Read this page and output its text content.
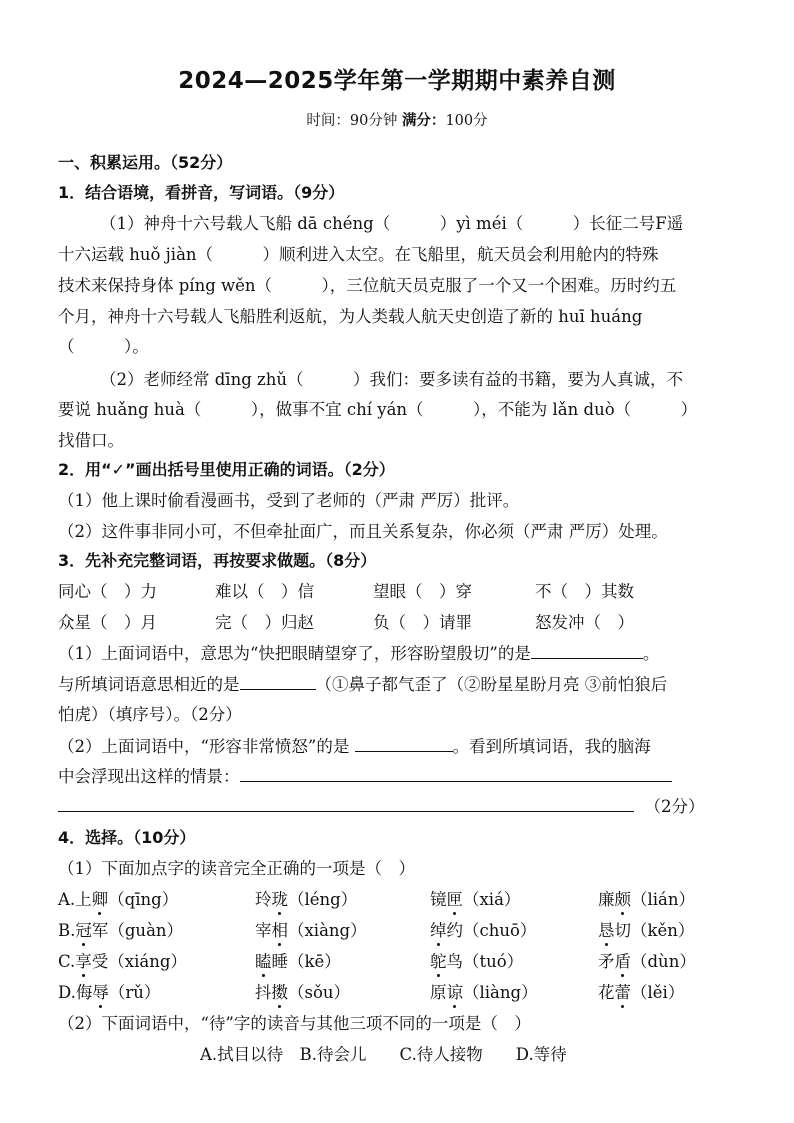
2024—2025学年第一学期期中素养自测
时间：90分钟 满分：100分
一、积累运用。（52分）
1．结合语境，看拼音，写词语。（9分）
（1）神舟十六号载人飞船 dā chéng（　　　）yì méi（　　　）长征二号F遥
十六运载 huǒ jiàn（　　　）顺利进入太空。在飞船里，航天员会利用舱内的特殊
技术来保持身体 píng wěn（　　　），三位航天员克服了一个又一个困难。历时约五
个月，神舟十六号载人飞船胜利返航，为人类载人航天史创造了新的 huī huáng
（　　　）。
（2）老师经常 dīng zhǔ（　　　）我们：要多读有益的书籍，要为人真诚，不
要说 huǎng huà（　　　），做事不宜 chí yán（　　　），不能为 lǎn duò（　　　）
找借口。
2．用“✓”画出括号里使用正确的词语。（2分）
（1）他上课时偷看漫画书，受到了老师的（严肃 严厉）批评。
（2）这件事非同小可，不但牵扯面广，而且关系复杂，你必须（严肃 严厉）处理。
3．先补充完整词语，再按要求做题。（8分）
同心（　）力	难以（　）信	望眼（　）穿	不（　）其数
众星（　）月	完（　）归赵	负（　）请罪	怒发冲（　）
（1）上面词语中，意思为“快把眼睛望穿了，形容盼望殷切”的是	。
与所填词语意思相近的是	（①鼻子都气歪了（②盼星星盼月亮 ③前怕狼后
怕虎）（填序号）。（2分）
（2）上面词语中，“形容非常愤怒”的是	。看到所填词语，我的脑海
中会浮现出这样的情景：
（2分）
4．选择。（10分）
（1）下面加点字的读音完全正确的一项是（　）
A.上卿（qīng）	玲珑（léng）	镜匣（xiá）	廉颇（lián）
B.冠军（guàn）	宰相（xiàng）	绰约（chuō）	恳切（kěn）
C.享受（xiáng）	瞌睡（kē）	鸵鸟（tuó）	矛盾（dùn）
D.侮辱（rǔ）	抖擞（sǒu）	原谅（liàng）	花蕾（lěi）
（2）下面词语中，“待”字的读音与其他三项不同的一项是（　）
A.拭目以待　B.待会儿　　C.待人接物　　D.等待
